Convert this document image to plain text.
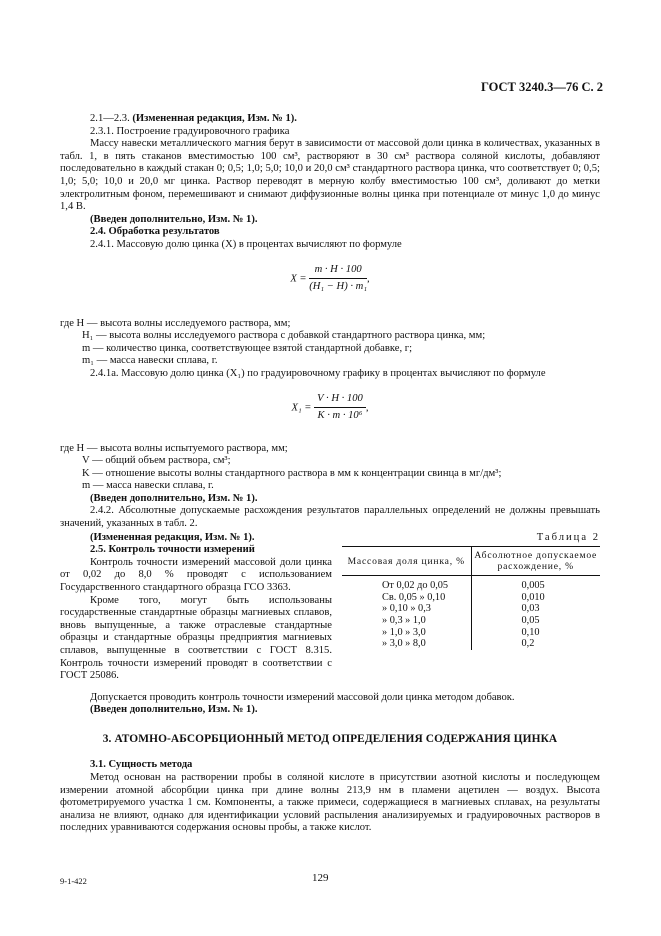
ГОСТ 3240.3—76 С. 2

2.1—2.3. (Измененная редакция, Изм. № 1).

2.3.1. Построение градуировочного графика

Массу навески металлического магния берут в зависимости от массовой доли цинка в количествах, указанных в табл. 1, в пять стаканов вместимостью 100 см³, растворяют в 30 см³ раствора соляной кислоты, добавляют последовательно в каждый стакан 0; 0,5; 1,0; 5,0; 10,0 и 20,0 см³ стандартного раствора цинка, что соответствует 0; 0,5; 1,0; 5,0; 10,0 и 20,0 мг цинка. Раствор переводят в мерную колбу вместимостью 100 см³, доливают до метки электролитным фоном, перемешивают и снимают диффузионные волны цинка при потенциале от минус 1,0 до минус 1,4 В.

(Введен дополнительно, Изм. № 1).

2.4. Обработка результатов

2.4.1. Массовую долю цинка (X) в процентах вычисляют по формуле

$X = \frac{m \cdot H \cdot 100}{\text{(H₁ − H) · m₁}}$ ,

где H — высота волны исследуемого раствора, мм;

H₁ — высота волны исследуемого раствора с добавкой стандартного раствора цинка, мм;

m — количество цинка, соответствующее взятой стандартной добавке, г;

m₁ — масса навески сплава, г.

2.4.1а. Массовую долю цинка (X₁) по градуировочному графику в процентах вычисляют по формуле

$X_1 = \frac{V \cdot H \cdot 100}{\text{K · m · 10⁶}}$ ,

где H — высота волны испытуемого раствора, мм;

V — общий объем раствора, см³;

K — отношение высоты волны стандартного раствора в мм к концентрации свинца в мг/дм³;

m — масса навески сплава, г.

(Введен дополнительно, Изм. № 1).

2.4.2. Абсолютные допускаемые расхождения результатов параллельных определений не должны превышать значений, указанных в табл. 2.

(Измененная редакция, Изм. № 1).

2.5. Контроль точности измерений

Контроль точности измерений массовой доли цинка от 0,02 до 8,0 % проводят с использованием Государственного стандартного образца ГСО 3363.

Кроме того, могут быть использованы государственные стандартные образцы магниевых сплавов, вновь выпущенные, а также отраслевые стандартные образцы и стандартные образцы предприятия магниевых сплавов, выпущенные в соответствии с ГОСТ 8.315. Контроль точности измерений проводят в соответствии с ГОСТ 25086.

Таблица 2
Массовая доля цинка, %	Абсолютное допускаемое расхождение, %
От 0,02 до 0,05	0,005
Св. 0,05 » 0,10	0,010
» 0,10 » 0,3	0,03
» 0,3 » 1,0	0,05
» 1,0 » 3,0	0,10
» 3,0 » 8,0	0,2

Допускается проводить контроль точности измерений массовой доли цинка методом добавок.

(Введен дополнительно, Изм. № 1).

3. АТОМНО-АБСОРБЦИОННЫЙ МЕТОД ОПРЕДЕЛЕНИЯ СОДЕРЖАНИЯ ЦИНКА

3.1. Сущность метода

Метод основан на растворении пробы в соляной кислоте в присутствии азотной кислоты и последующем измерении атомной абсорбции цинка при длине волны 213,9 нм в пламени ацетилен — воздух. Высота фотометрируемого участка 1 см. Компоненты, а также примеси, содержащиеся в магниевых сплавах, на результаты анализа не влияют, однако для идентификации условий распыления анализируемых и градуировочных растворов в последних уравниваются содержания основы пробы, а также кислот.

9-1-422	129
